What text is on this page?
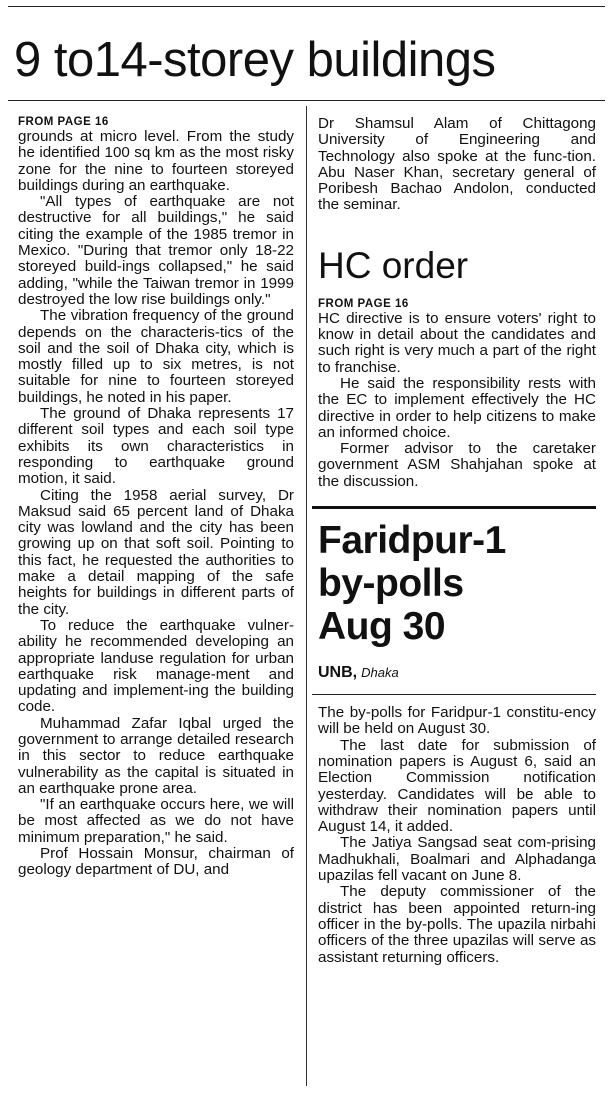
9 to14-storey buildings
FROM PAGE 16

grounds at micro level. From the study he identified 100 sq km as the most risky zone for the nine to fourteen storeyed buildings during an earthquake.

"All types of earthquake are not destructive for all buildings," he said citing the example of the 1985 tremor in Mexico. "During that tremor only 18-22 storeyed build-ings collapsed," he said adding, "while the Taiwan tremor in 1999 destroyed the low rise buildings only."

The vibration frequency of the ground depends on the characteris-tics of the soil and the soil of Dhaka city, which is mostly filled up to six metres, is not suitable for nine to fourteen storeyed buildings, he noted in his paper.

The ground of Dhaka represents 17 different soil types and each soil type exhibits its own characteristics in responding to earthquake ground motion, it said.

Citing the 1958 aerial survey, Dr Maksud said 65 percent land of Dhaka city was lowland and the city has been growing up on that soft soil. Pointing to this fact, he requested the authorities to make a detail mapping of the safe heights for buildings in different parts of the city.

To reduce the earthquake vulner-ability he recommended developing an appropriate landuse regulation for urban earthquake risk manage-ment and updating and implement-ing the building code.

Muhammad Zafar Iqbal urged the government to arrange detailed research in this sector to reduce earthquake vulnerability as the capital is situated in an earthquake prone area.

"If an earthquake occurs here, we will be most affected as we do not have minimum preparation," he said.

Prof Hossain Monsur, chairman of geology department of DU, and

Dr Shamsul Alam of Chittagong University of Engineering and Technology also spoke at the func-tion. Abu Naser Khan, secretary general of Poribesh Bachao Andolon, conducted the seminar.

HC order
FROM PAGE 16

HC directive is to ensure voters' right to know in detail about the candidates and such right is very much a part of the right to franchise.

He said the responsibility rests with the EC to implement effectively the HC directive in order to help citizens to make an informed choice.

Former advisor to the caretaker government ASM Shahjahan spoke at the discussion.

Faridpur-1
by-polls
Aug 30
UNB, Dhaka

The by-polls for Faridpur-1 constitu-ency will be held on August 30.

The last date for submission of nomination papers is August 6, said an Election Commission notification yesterday. Candidates will be able to withdraw their nomination papers until August 14, it added.

The Jatiya Sangsad seat com-prising Madhukhali, Boalmari and Alphadanga upazilas fell vacant on June 8.

The deputy commissioner of the district has been appointed return-ing officer in the by-polls. The upazila nirbahi officers of the three upazilas will serve as assistant returning officers.
